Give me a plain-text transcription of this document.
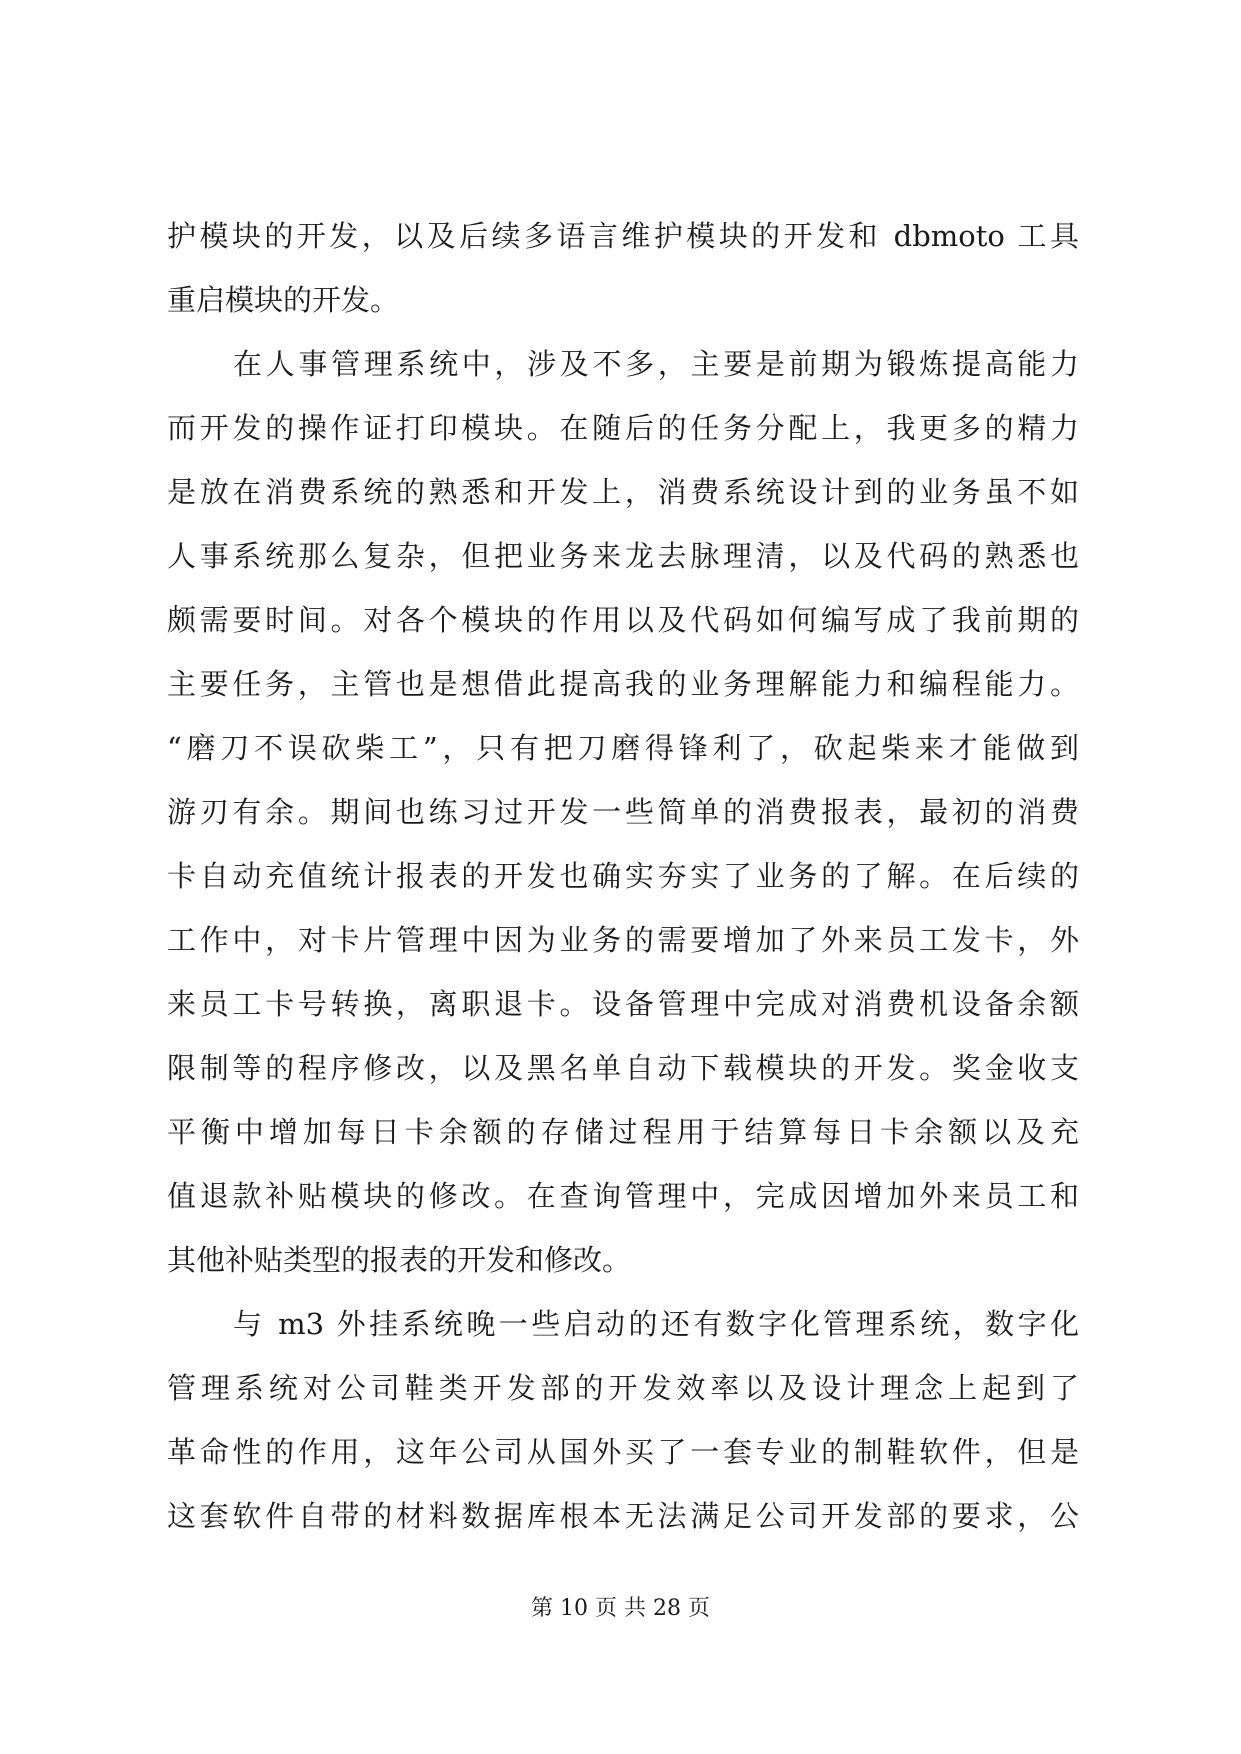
护模块的开发，以及后续多语言维护模块的开发和 dbmoto 工具
重启模块的开发。
在人事管理系统中，涉及不多，主要是前期为锻炼提高能力
而开发的操作证打印模块。在随后的任务分配上，我更多的精力
是放在消费系统的熟悉和开发上，消费系统设计到的业务虽不如
人事系统那么复杂，但把业务来龙去脉理清，以及代码的熟悉也
颇需要时间。对各个模块的作用以及代码如何编写成了我前期的
主要任务，主管也是想借此提高我的业务理解能力和编程能力。
“磨刀不误砍柴工”，只有把刀磨得锋利了，砍起柴来才能做到
游刃有余。期间也练习过开发一些简单的消费报表，最初的消费
卡自动充值统计报表的开发也确实夯实了业务的了解。在后续的
工作中，对卡片管理中因为业务的需要增加了外来员工发卡，外
来员工卡号转换，离职退卡。设备管理中完成对消费机设备余额
限制等的程序修改，以及黑名单自动下载模块的开发。奖金收支
平衡中增加每日卡余额的存储过程用于结算每日卡余额以及充
值退款补贴模块的修改。在查询管理中，完成因增加外来员工和
其他补贴类型的报表的开发和修改。
与 m3 外挂系统晚一些启动的还有数字化管理系统，数字化
管理系统对公司鞋类开发部的开发效率以及设计理念上起到了
革命性的作用，这年公司从国外买了一套专业的制鞋软件，但是
这套软件自带的材料数据库根本无法满足公司开发部的要求，公
第 10 页 共 28 页
